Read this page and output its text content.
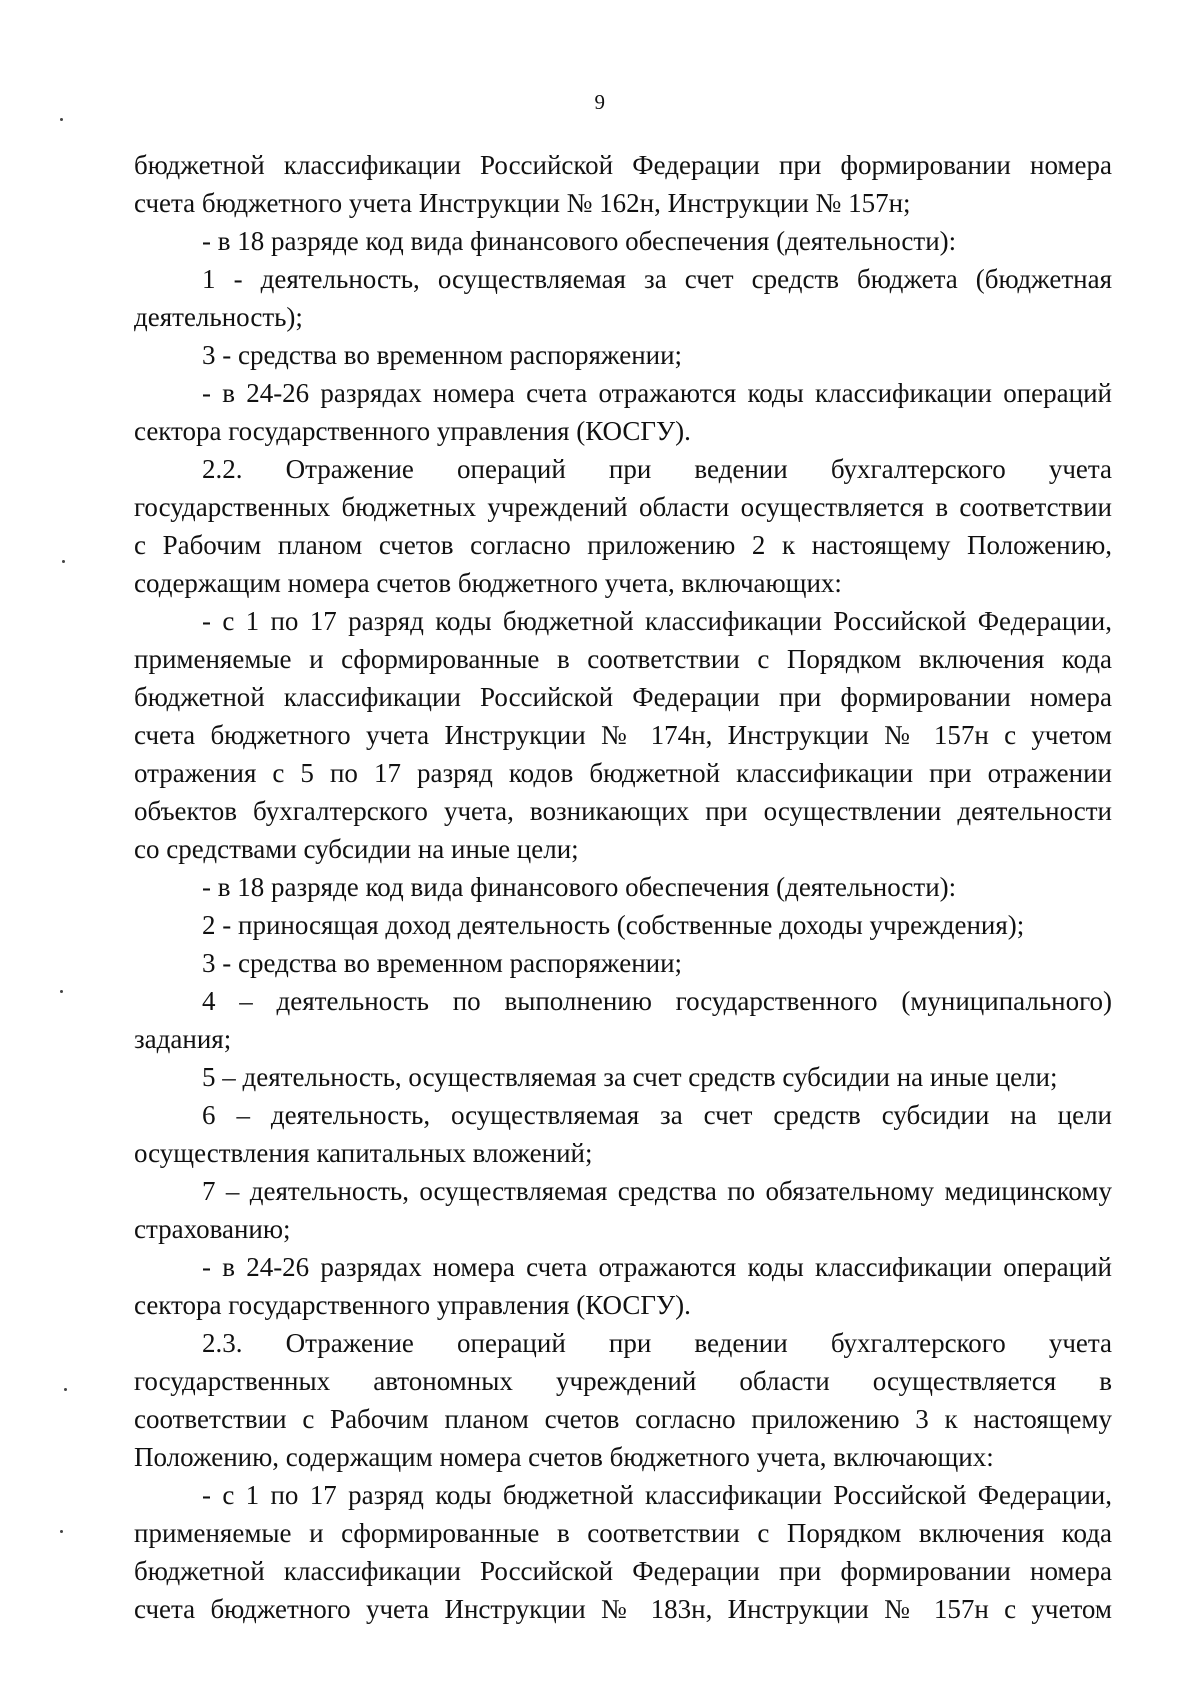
9
бюджетной классификации Российской Федерации при формировании номера
счета бюджетного учета Инструкции № 162н, Инструкции № 157н;
- в 18 разряде код вида финансового обеспечения (деятельности):
1 - деятельность, осуществляемая за счет средств бюджета (бюджетная
деятельность);
3 - средства во временном распоряжении;
- в 24-26 разрядах номера счета отражаются коды классификации операций
сектора государственного управления (КОСГУ).
2.2. Отражение операций при ведении бухгалтерского учета
государственных бюджетных учреждений области осуществляется в соответствии
с Рабочим планом счетов согласно приложению 2 к настоящему Положению,
содержащим номера счетов бюджетного учета, включающих:
- с 1 по 17 разряд коды бюджетной классификации Российской Федерации,
применяемые и сформированные в соответствии с Порядком включения кода
бюджетной классификации Российской Федерации при формировании номера
счета бюджетного учета Инструкции № 174н, Инструкции № 157н с учетом
отражения с 5 по 17 разряд кодов бюджетной классификации при отражении
объектов бухгалтерского учета, возникающих при осуществлении деятельности
со средствами субсидии на иные цели;
- в 18 разряде код вида финансового обеспечения (деятельности):
2 - приносящая доход деятельность (собственные доходы учреждения);
3 - средства во временном распоряжении;
4 – деятельность по выполнению государственного (муниципального)
задания;
5 – деятельность, осуществляемая за счет средств субсидии на иные цели;
6 – деятельность, осуществляемая за счет средств субсидии на цели
осуществления капитальных вложений;
7 – деятельность, осуществляемая средства по обязательному медицинскому
страхованию;
- в 24-26 разрядах номера счета отражаются коды классификации операций
сектора государственного управления (КОСГУ).
2.3. Отражение операций при ведении бухгалтерского учета
государственных автономных учреждений области осуществляется в
соответствии с Рабочим планом счетов согласно приложению 3 к настоящему
Положению, содержащим номера счетов бюджетного учета, включающих:
- с 1 по 17 разряд коды бюджетной классификации Российской Федерации,
применяемые и сформированные в соответствии с Порядком включения кода
бюджетной классификации Российской Федерации при формировании номера
счета бюджетного учета Инструкции № 183н, Инструкции № 157н с учетом
